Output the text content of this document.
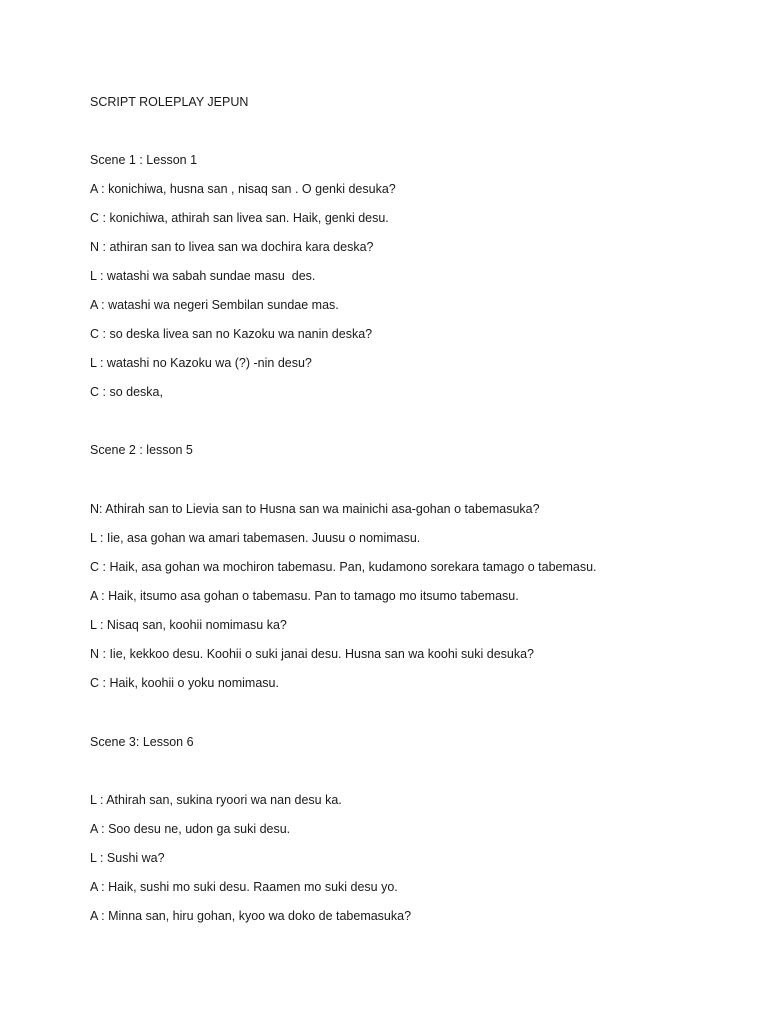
SCRIPT ROLEPLAY JEPUN
Scene 1 : Lesson 1
A : konichiwa, husna san , nisaq san . O genki desuka?
C : konichiwa, athirah san livea san. Haik, genki desu.
N : athiran san to livea san wa dochira kara deska?
L : watashi wa sabah sundae masu  des.
A : watashi wa negeri Sembilan sundae mas.
C : so deska livea san no Kazoku wa nanin deska?
L : watashi no Kazoku wa (?) -nin desu?
C : so deska,
Scene 2 : lesson 5
N: Athirah san to Lievia san to Husna san wa mainichi asa-gohan o tabemasuka?
L : Iie, asa gohan wa amari tabemasen. Juusu o nomimasu.
C : Haik, asa gohan wa mochiron tabemasu. Pan, kudamono sorekara tamago o tabemasu.
A : Haik, itsumo asa gohan o tabemasu. Pan to tamago mo itsumo tabemasu.
L : Nisaq san, koohii nomimasu ka?
N : Iie, kekkoo desu. Koohii o suki janai desu. Husna san wa koohi suki desuka?
C : Haik, koohii o yoku nomimasu.
Scene 3: Lesson 6
L : Athirah san, sukina ryoori wa nan desu ka.
A : Soo desu ne, udon ga suki desu.
L : Sushi wa?
A : Haik, sushi mo suki desu. Raamen mo suki desu yo.
A : Minna san, hiru gohan, kyoo wa doko de tabemasuka?
